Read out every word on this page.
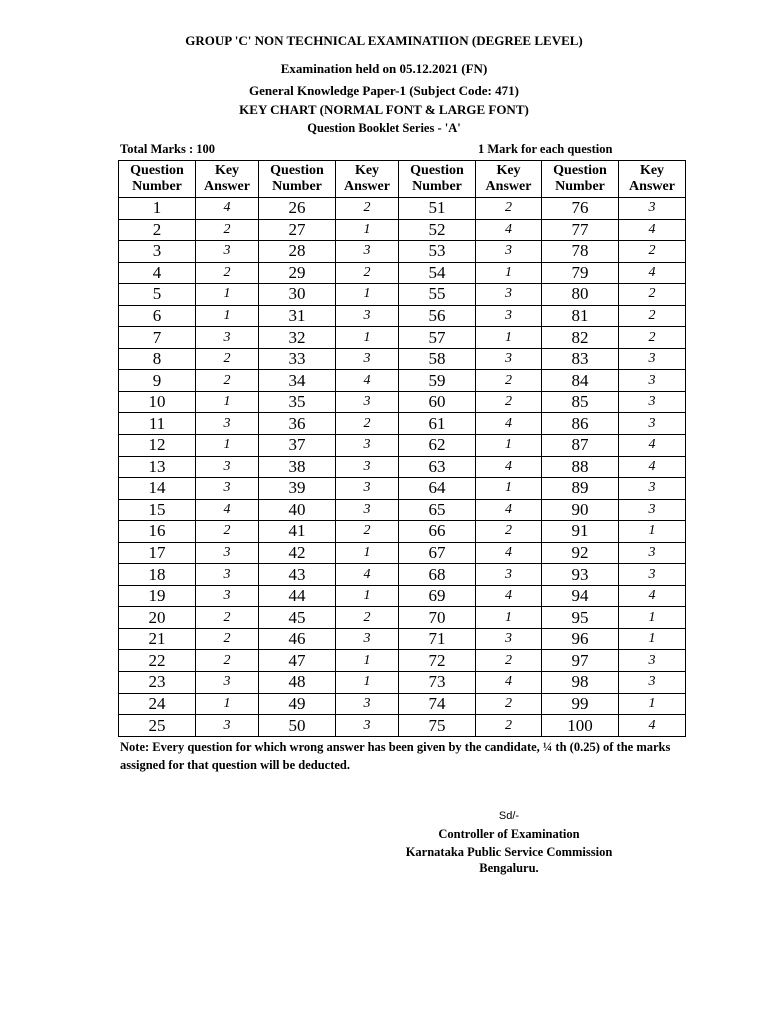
GROUP 'C' NON TECHNICAL EXAMINATIION (DEGREE LEVEL)
Examination held on 05.12.2021 (FN)
General Knowledge Paper-1 (Subject Code: 471)
KEY CHART (NORMAL FONT & LARGE FONT)
Question Booklet Series - 'A'
Total Marks : 100	1 Mark for each question
Question
Number	Key
Answer	Question
Number	Key
Answer	Question
Number	Key
Answer	Question
Number	Key
Answer
1	4	26	2	51	2	76	3
2	2	27	1	52	4	77	4
3	3	28	3	53	3	78	2
4	2	29	2	54	1	79	4
5	1	30	1	55	3	80	2
6	1	31	3	56	3	81	2
7	3	32	1	57	1	82	2
8	2	33	3	58	3	83	3
9	2	34	4	59	2	84	3
10	1	35	3	60	2	85	3
11	3	36	2	61	4	86	3
12	1	37	3	62	1	87	4
13	3	38	3	63	4	88	4
14	3	39	3	64	1	89	3
15	4	40	3	65	4	90	3
16	2	41	2	66	2	91	1
17	3	42	1	67	4	92	3
18	3	43	4	68	3	93	3
19	3	44	1	69	4	94	4
20	2	45	2	70	1	95	1
21	2	46	3	71	3	96	1
22	2	47	1	72	2	97	3
23	3	48	1	73	4	98	3
24	1	49	3	74	2	99	1
25	3	50	3	75	2	100	4
Note: Every question for which wrong answer has been given by the candidate, ¼ th (0.25) of the marks assigned for that question will be deducted.
Sd/-
Controller of Examination
Karnataka Public Service Commission
Bengaluru.
